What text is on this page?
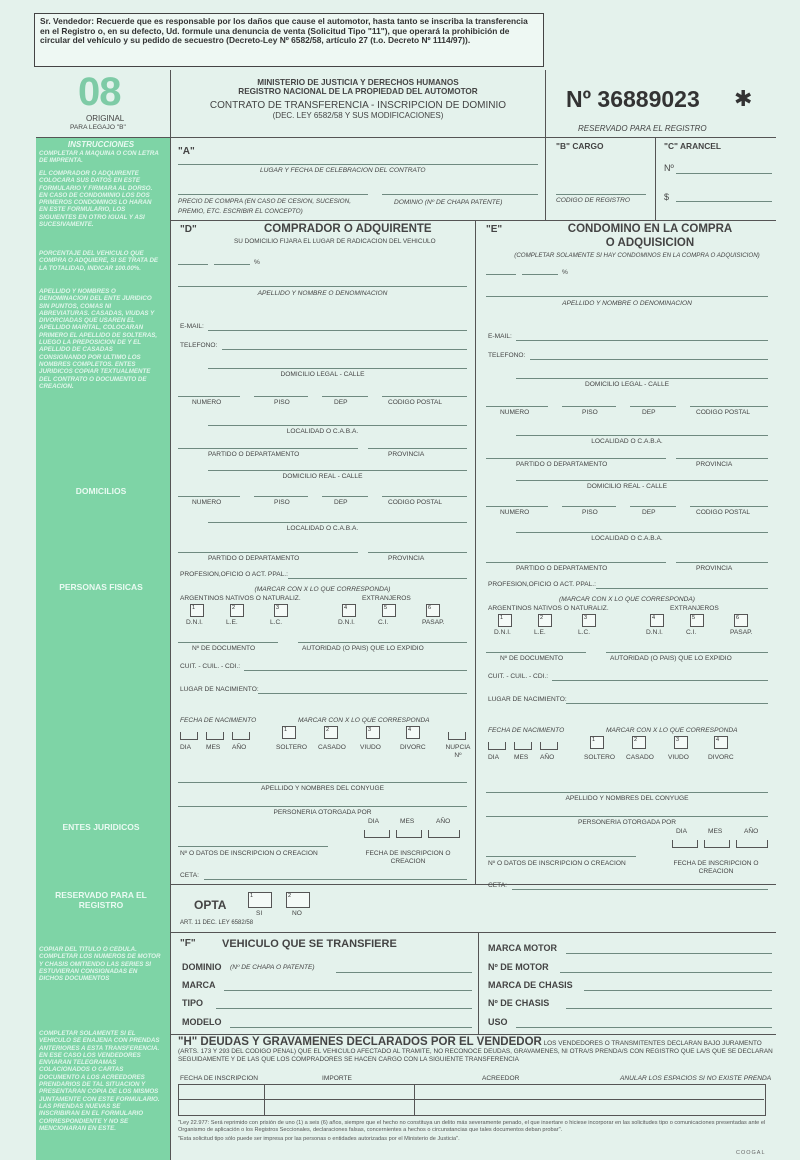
Sr. Vendedor: Recuerde que es responsable por los daños que cause el automotor, hasta tanto se inscriba la transferencia en el Registro o, en su defecto, Ud. formule una denuncia de venta (Solicitud Tipo "11"), que operará la prohibición de circular del vehículo y su pedido de secuestro (Decreto-Ley Nº 6582/58, artículo 27 (t.o. Decreto Nº 1114/97)).
08
ORIGINAL
PARA LEGAJO "B"
MINISTERIO DE JUSTICIA Y DERECHOS HUMANOS
REGISTRO NACIONAL DE LA PROPIEDAD DEL AUTOMOTOR
CONTRATO DE TRANSFERENCIA - INSCRIPCION DE DOMINIO
(DEC. LEY 6582/58 Y SUS MODIFICACIONES)
Nº 36889023 ✱
RESERVADO PARA EL REGISTRO
INSTRUCCIONES
COMPLETAR A MAQUINA O CON LETRA DE IMPRENTA.
EL COMPRADOR O ADQUIRENTE COLOCARA SUS DATOS EN ESTE FORMULARIO Y FIRMARA AL DORSO. EN CASO DE CONDOMINIO LOS DOS PRIMEROS CONDOMINOS LO HARAN EN ESTE FORMULARIO, LOS SIGUIENTES EN OTRO IGUAL Y ASI SUCESIVAMENTE.
PORCENTAJE DEL VEHICULO QUE COMPRA O ADQUIERE, SI SE TRATA DE LA TOTALIDAD, INDICAR 100.00%.
APELLIDO Y NOMBRES O DENOMINACION DEL ENTE JURIDICO SIN PUNTOS, COMAS NI ABREVIATURAS. CASADAS, VIUDAS Y DIVORCIADAS QUE USAREN EL APELLIDO MARITAL, COLOCARAN PRIMERO EL APELLIDO DE SOLTERAS, LUEGO LA PREPOSICION DE Y EL APELLIDO DE CASADAS CONSIGNANDO POR ULTIMO LOS NOMBRES COMPLETOS. ENTES JURIDICOS COPIAR TEXTUALMENTE DEL CONTRATO O DOCUMENTO DE CREACION.
DOMICILIOS
PERSONAS FISICAS
ENTES JURIDICOS
RESERVADO PARA EL REGISTRO
COPIAR DEL TITULO O CEDULA. COMPLETAR LOS NUMEROS DE MOTOR Y CHASIS OMITIENDO LAS SERIES SI ESTUVIERAN CONSIGNADAS EN DICHOS DOCUMENTOS
COMPLETAR SOLAMENTE SI EL VEHICULO SE ENAJENA CON PRENDAS ANTERIORES A ESTA TRANSFERENCIA. EN ESE CASO LOS VENDEDORES ENVIARAN TELEGRAMAS COLACIONADOS O CARTAS DOCUMENTO A LOS ACREEDORES PRENDARIOS DE TAL SITUACION Y PRESENTARAN COPIA DE LOS MISMOS JUNTAMENTE CON ESTE FORMULARIO. LAS PRENDAS NUEVAS SE INSCRIBIRAN EN EL FORMULARIO CORRESPONDIENTE Y NO SE MENCIONARAN EN ESTE.
"A"
LUGAR Y FECHA DE CELEBRACION DEL CONTRATO
PRECIO DE COMPRA (EN CASO DE CESION, SUCESION, PREMIO, ETC. ESCRIBIR EL CONCEPTO)
DOMINIO (Nº DE CHAPA PATENTE)
"B" CARGO
CODIGO DE REGISTRO
"C" ARANCEL
Nº
$
"D"	COMPRADOR O ADQUIRENTE
SU DOMICILIO FIJARA EL LUGAR DE RADICACION DEL VEHICULO
%
APELLIDO Y NOMBRE O DENOMINACION
E-MAIL:
TELEFONO:
DOMICILIO LEGAL - CALLE
NUMERO	PISO	DEP	CODIGO POSTAL
LOCALIDAD O C.A.B.A.
PARTIDO O DEPARTAMENTO	PROVINCIA
DOMICILIO REAL - CALLE
NUMERO	PISO	DEP	CODIGO POSTAL
LOCALIDAD O C.A.B.A.
PARTIDO O DEPARTAMENTO	PROVINCIA
PROFESION,OFICIO O ACT. PPAL.:
(MARCAR CON X LO QUE CORRESPONDA)
ARGENTINOS NATIVOS O NATURALIZ.	EXTRANJEROS
1
D.N.I.
2
L.E.
3
L.C.
4
D.N.I.
5
C.I.
6
PASAP.
Nº DE DOCUMENTO	AUTORIDAD (O PAIS) QUE LO EXPIDIO
CUIT. - CUIL. - CDI.:
LUGAR DE NACIMIENTO:
FECHA DE NACIMIENTO	MARCAR CON X LO QUE CORRESPONDA
DIA MES AÑO
1
SOLTERO
2
CASADO
3
VIUDO
4
DIVORC	NUPCIA Nº
APELLIDO Y NOMBRES DEL CONYUGE
PERSONERIA OTORGADA POR
DIA	MES	AÑO
Nº O DATOS DE INSCRIPCION O CREACION	FECHA DE INSCRIPCION O CREACION
CETA:
"E"	CONDOMINO EN LA COMPRA
O ADQUISICION
(COMPLETAR SOLAMENTE SI HAY CONDOMINOS EN LA COMPRA O ADQUISICION)
%
APELLIDO Y NOMBRE O DENOMINACION
E-MAIL:
TELEFONO:
DOMICILIO LEGAL - CALLE
NUMERO	PISO	DEP	CODIGO POSTAL
LOCALIDAD O C.A.B.A.
PARTIDO O DEPARTAMENTO	PROVINCIA
DOMICILIO REAL - CALLE
NUMERO	PISO	DEP	CODIGO POSTAL
LOCALIDAD O C.A.B.A.
PARTIDO O DEPARTAMENTO	PROVINCIA
PROFESION,OFICIO O ACT. PPAL.:
(MARCAR CON X LO QUE CORRESPONDA)
ARGENTINOS NATIVOS O NATURALIZ.	EXTRANJEROS
1
D.N.I.
2
L.E.
3
L.C.
4
D.N.I.
5
C.I.
6
PASAP.
Nº DE DOCUMENTO	AUTORIDAD (O PAIS) QUE LO EXPIDIO
CUIT. - CUIL. - CDI.:
LUGAR DE NACIMIENTO:
FECHA DE NACIMIENTO	MARCAR CON X LO QUE CORRESPONDA
DIA MES AÑO
1
SOLTERO
2
CASADO
3
VIUDO
4
DIVORC
APELLIDO Y NOMBRES DEL CONYUGE
PERSONERIA OTORGADA POR
DIA	MES	AÑO
Nº O DATOS DE INSCRIPCION O CREACION	FECHA DE INSCRIPCION O CREACION
CETA:
OPTA
1	2
SI	NO
ART. 11 DEC. LEY 6582/58
"F" VEHICULO QUE SE TRANSFIERE
DOMINIO (Nº DE CHAPA O PATENTE)
MARCA
TIPO
MODELO
MARCA MOTOR
Nº DE MOTOR
MARCA DE CHASIS
Nº DE CHASIS
USO
"H" DEUDAS Y GRAVAMENES DECLARADOS POR EL VENDEDOR LOS VENDEDORES O TRANSMITENTES DECLARAN BAJO JURAMENTO (ARTS. 173 Y 293 DEL CODIGO PENAL) QUE EL VEHICULO AFECTADO AL TRAMITE, NO RECONOCE DEUDAS, GRAVAMENES, NI OTRA/S PRENDA/S CON REGISTRO QUE LA/S QUE SE DECLARAN SEGUIDAMENTE Y DE LAS QUE LOS COMPRADORES SE HACEN CARGO CON LA SIGUIENTE TRANSFERENCIA
FECHA DE INSCRIPCION	IMPORTE	ACREEDOR	ANULAR LOS ESPACIOS SI NO EXISTE PRENDA
"Ley 22.977: Será reprimido con prisión de uno (1) a seis (6) años, siempre que el hecho no constituya un delito más severamente penado, el que insertare o hiciese incorporar en las solicitudes tipo o comunicaciones presentadas ante el Organismo de aplicación o los Registros Seccionales, declaraciones falsas, concernientes a hechos o circunstancias que tales documentos deban probar".
"Esta solicitud tipo sólo puede ser impresa por las personas o entidades autorizadas por el Ministerio de Justicia".
COOGAL
